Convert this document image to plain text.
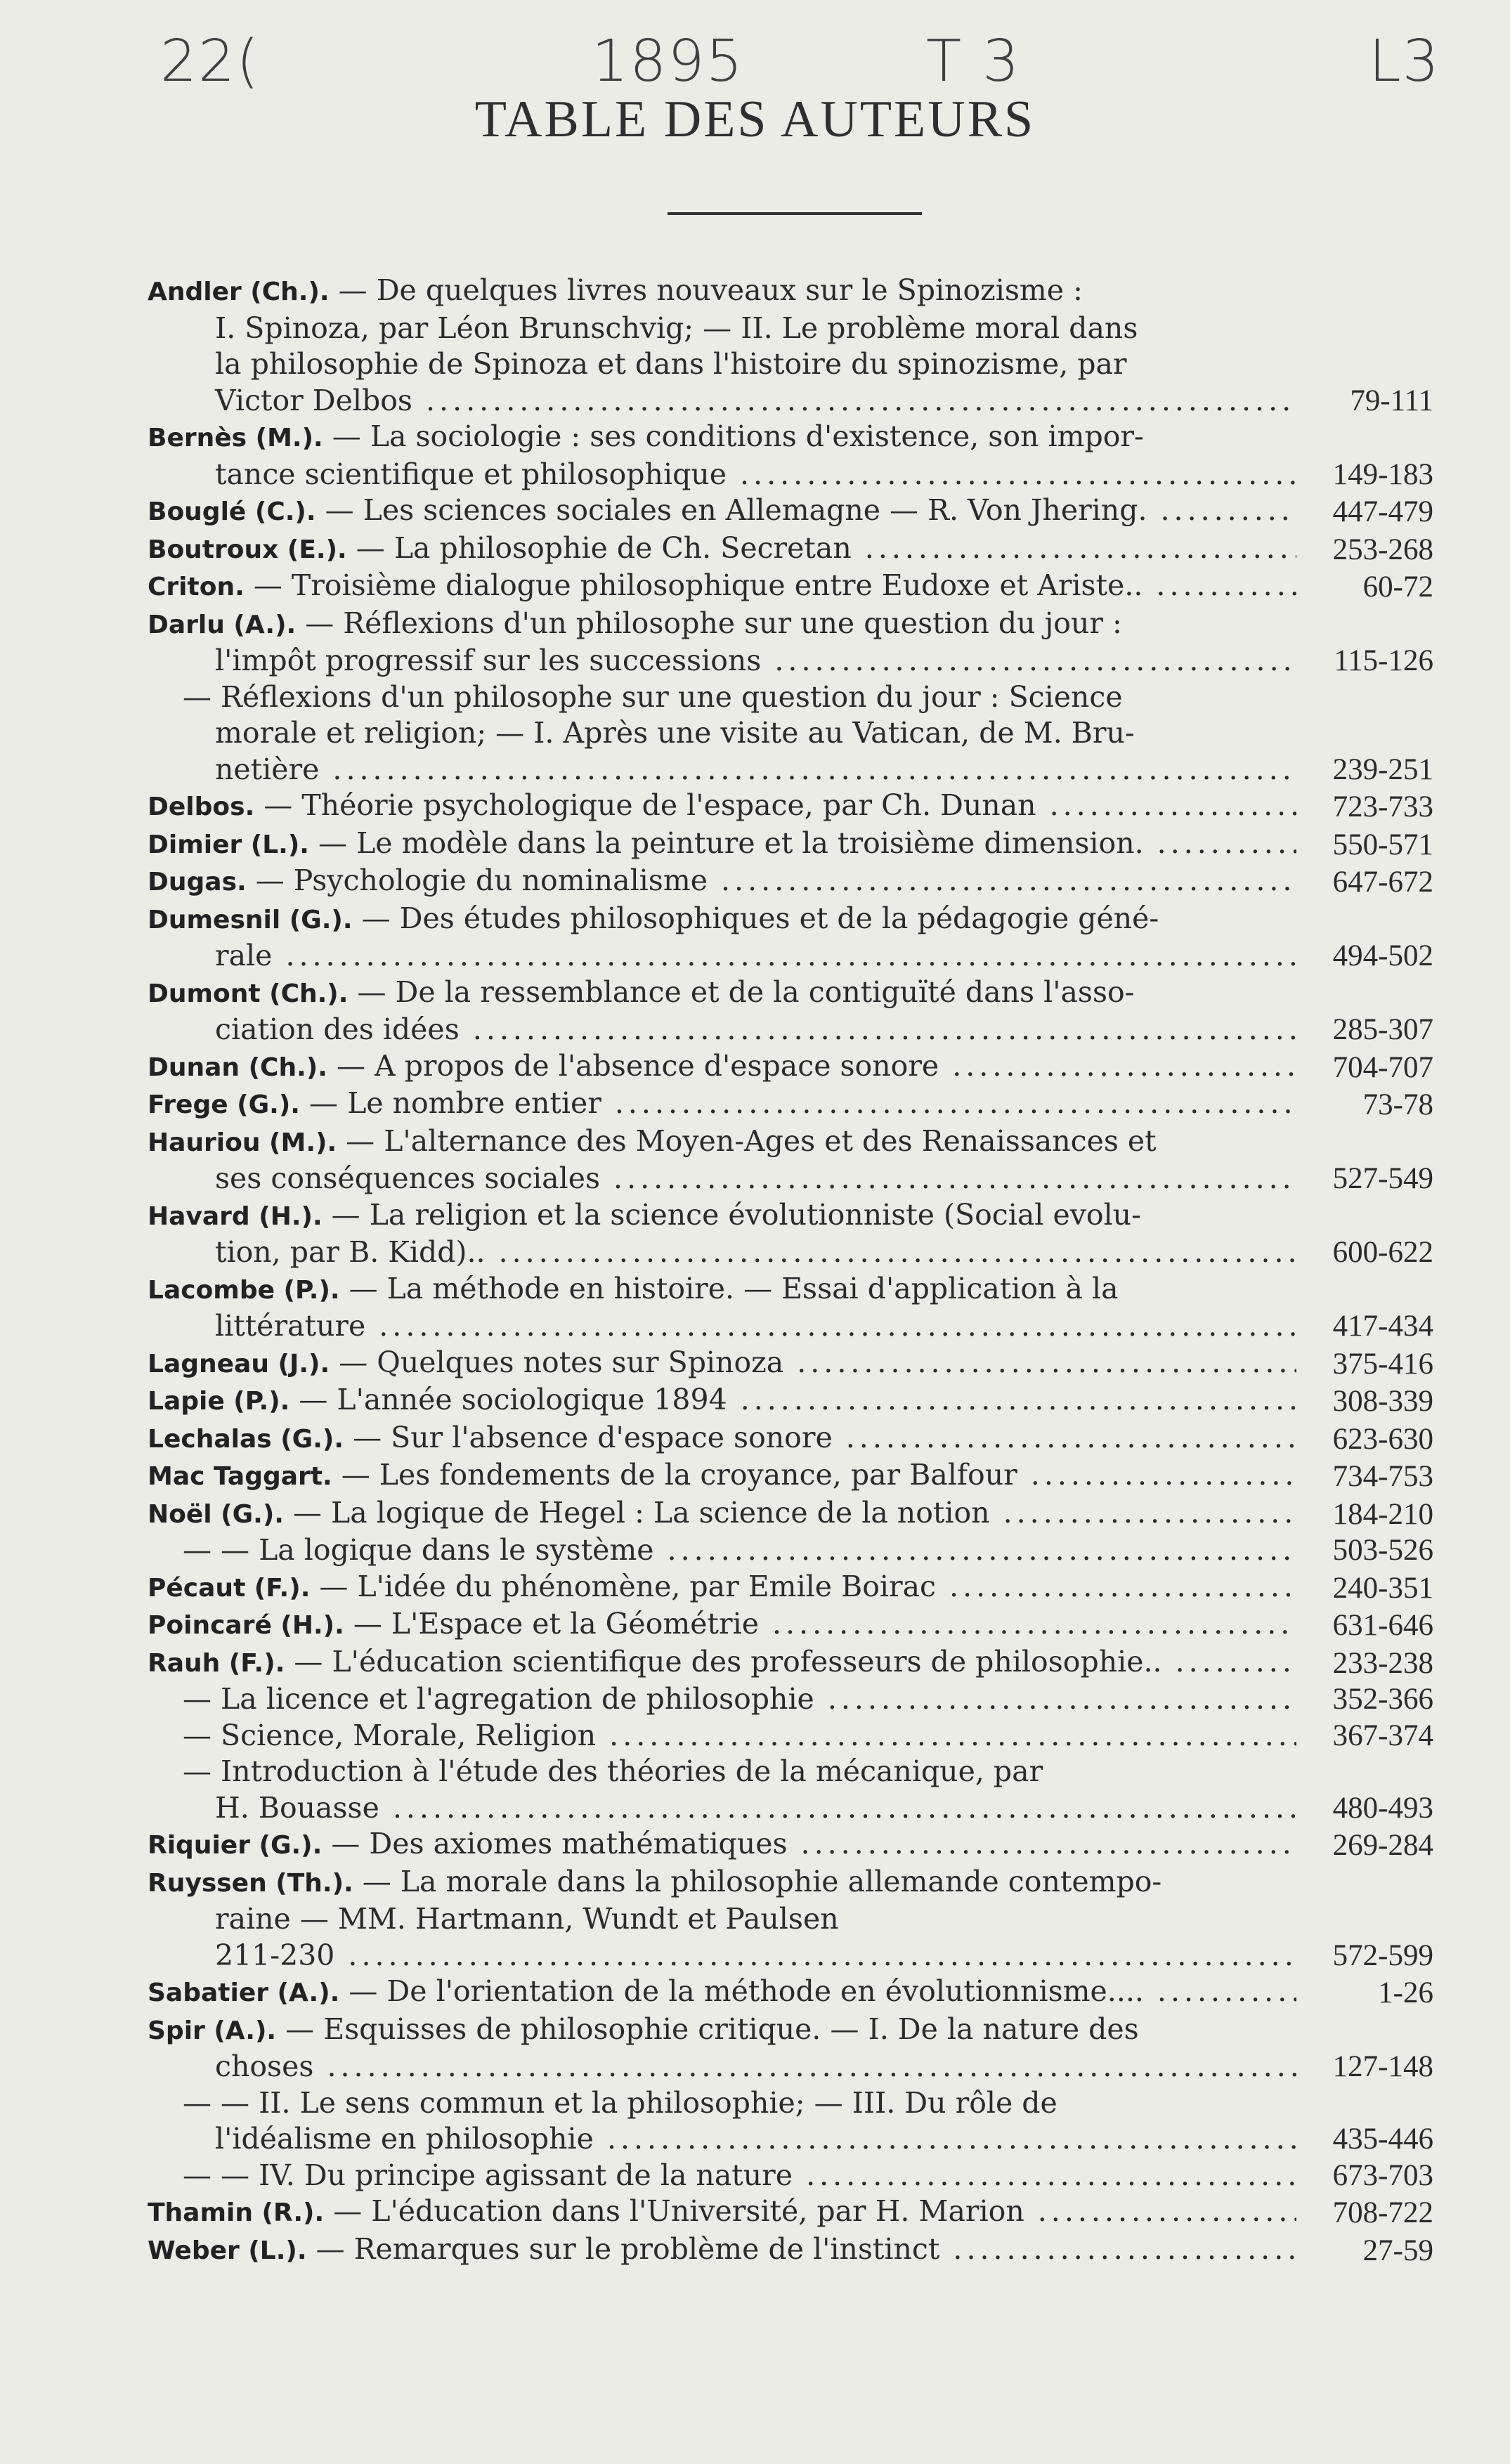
22(	1895	T 3	L3
TABLE DES AUTEURS
Andler (Ch.). — De quelques livres nouveaux sur le Spinozisme :
I. Spinoza, par Léon Brunschvig; — II. Le problème moral dans
la philosophie de Spinoza et dans l'histoire du spinozisme, par
Victor Delbos .....	79-111
Bernès (M.). — La sociologie : ses conditions d'existence, son impor-
tance scientifique et philosophique .....	149-183
Bouglé (C.). — Les sciences sociales en Allemagne — R. Von Jhering. .....	447-479
Boutroux (E.). — La philosophie de Ch. Secretan .....	253-268
Criton. — Troisième dialogue philosophique entre Eudoxe et Ariste.. .....	60-72
Darlu (A.). — Réflexions d'un philosophe sur une question du jour :
l'impôt progressif sur les successions .....	115-126
— Réflexions d'un philosophe sur une question du jour : Science
morale et religion; — I. Après une visite au Vatican, de M. Bru-
netière .....	239-251
Delbos. — Théorie psychologique de l'espace, par Ch. Dunan .....	723-733
Dimier (L.). — Le modèle dans la peinture et la troisième dimension. .....	550-571
Dugas. — Psychologie du nominalisme .....	647-672
Dumesnil (G.). — Des études philosophiques et de la pédagogie géné-
rale .....	494-502
Dumont (Ch.). — De la ressemblance et de la contiguïté dans l'asso-
ciation des idées .....	285-307
Dunan (Ch.). — A propos de l'absence d'espace sonore .....	704-707
Frege (G.). — Le nombre entier .....	73-78
Hauriou (M.). — L'alternance des Moyen-Ages et des Renaissances et
ses conséquences sociales .....	527-549
Havard (H.). — La religion et la science évolutionniste (Social evolu-
tion, par B. Kidd).. .....	600-622
Lacombe (P.). — La méthode en histoire. — Essai d'application à la
littérature .....	417-434
Lagneau (J.). — Quelques notes sur Spinoza .....	375-416
Lapie (P.). — L'année sociologique 1894 .....	308-339
Lechalas (G.). — Sur l'absence d'espace sonore .....	623-630
Mac Taggart. — Les fondements de la croyance, par Balfour .....	734-753
Noël (G.). — La logique de Hegel : La science de la notion .....	184-210
— — La logique dans le système .....	503-526
Pécaut (F.). — L'idée du phénomène, par Emile Boirac .....	240-351
Poincaré (H.). — L'Espace et la Géométrie .....	631-646
Rauh (F.). — L'éducation scientifique des professeurs de philosophie.. .....	233-238
— La licence et l'agregation de philosophie .....	352-366
— Science, Morale, Religion .....	367-374
— Introduction à l'étude des théories de la mécanique, par
H. Bouasse .....	480-493
Riquier (G.). — Des axiomes mathématiques .....	269-284
Ruyssen (Th.). — La morale dans la philosophie allemande contempo-
raine — MM. Hartmann, Wundt et Paulsen
211-230 .....	572-599
Sabatier (A.). — De l'orientation de la méthode en évolutionnisme.... .....	1-26
Spir (A.). — Esquisses de philosophie critique. — I. De la nature des
choses .....	127-148
— — II. Le sens commun et la philosophie; — III. Du rôle de
l'idéalisme en philosophie .....	435-446
— — IV. Du principe agissant de la nature .....	673-703
Thamin (R.). — L'éducation dans l'Université, par H. Marion .....	708-722
Weber (L.). — Remarques sur le problème de l'instinct .....	27-59
